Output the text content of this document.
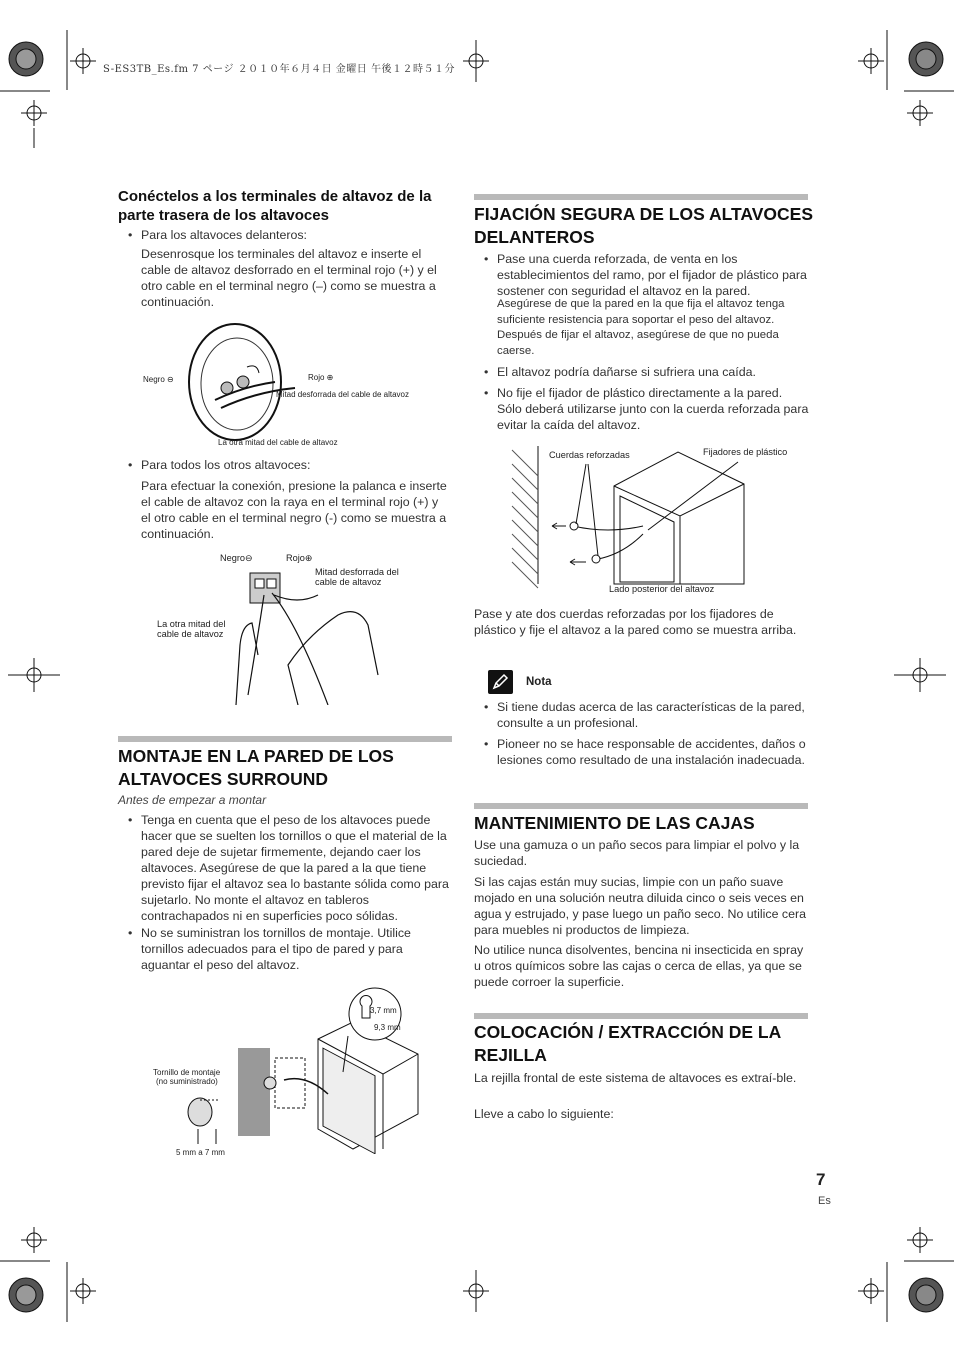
S-ES3TB_Es.fm 7 ページ ２０１０年６月４日 金曜日 午後１２時５１分
Conéctelos a los terminales de altavoz de la parte trasera de los altavoces
• Para los altavoces delanteros:
Desenrosque los terminales del altavoz e inserte el cable de altavoz desforrado en el terminal rojo (+) y el otro cable en el terminal negro (–) como se muestra a continuación.
Negro ⊖	Rojo ⊕
Mitad desforrada del cable de altavoz
La otra mitad del cable de altavoz
• Para todos los otros altavoces:
Para efectuar la conexión, presione la palanca e inserte el cable de altavoz con la raya en el terminal rojo (+) y el otro cable en el terminal negro (-) como se muestra a continuación.
Negro⊖	Rojo⊕
Mitad desforrada del
cable de altavoz
La otra mitad del
cable de altavoz
MONTAJE EN LA PARED DE LOS ALTAVOCES SURROUND
Antes de empezar a montar
• Tenga en cuenta que el peso de los altavoces puede hacer que se suelten los tornillos o que el material de la pared deje de sujetar firmemente, dejando caer los altavoces. Asegúrese de que la pared a la que tiene previsto fijar el altavoz sea lo bastante sólida como para sujetarlo. No monte el altavoz en tableros contrachapados ni en superficies poco sólidas.
• No se suministran los tornillos de montaje. Utilice tornillos adecuados para el tipo de pared y para aguantar el peso del altavoz.
3,7 mm
9,3 mm
Tornillo de montaje
(no suministrado)
5 mm a 7 mm
FIJACIÓN SEGURA DE LOS ALTAVOCES DELANTEROS
• Pase una cuerda reforzada, de venta en los establecimientos del ramo, por el fijador de plástico para sostener con seguridad el altavoz en la pared.
Asegúrese de que la pared en la que fija el altavoz tenga suficiente resistencia para soportar el peso del altavoz. Después de fijar el altavoz, asegúrese de que no pueda caerse.
• El altavoz podría dañarse si sufriera una caída.
• No fije el fijador de plástico directamente a la pared. Sólo deberá utilizarse junto con la cuerda reforzada para evitar la caída del altavoz.
Cuerdas reforzadas	Fijadores de plástico
Lado posterior del altavoz
Pase y ate dos cuerdas reforzadas por los fijadores de plástico y fije el altavoz a la pared como se muestra arriba.
Nota
• Si tiene dudas acerca de las características de la pared, consulte a un profesional.
• Pioneer no se hace responsable de accidentes, daños o lesiones como resultado de una instalación inadecuada.
MANTENIMIENTO DE LAS CAJAS
Use una gamuza o un paño secos para limpiar el polvo y la suciedad.
Si las cajas están muy sucias, limpie con un paño suave mojado en una solución neutra diluida cinco o seis veces en agua y estrujado, y pase luego un paño seco. No utilice cera para muebles ni productos de limpieza.
No utilice nunca disolventes, bencina ni insecticida en spray u otros químicos sobre las cajas o cerca de ellas, ya que se puede corroer la superficie.
COLOCACIÓN / EXTRACCIÓN DE LA REJILLA
La rejilla frontal de este sistema de altavoces es extraí-ble.
Lleve a cabo lo siguiente:
7
Es
